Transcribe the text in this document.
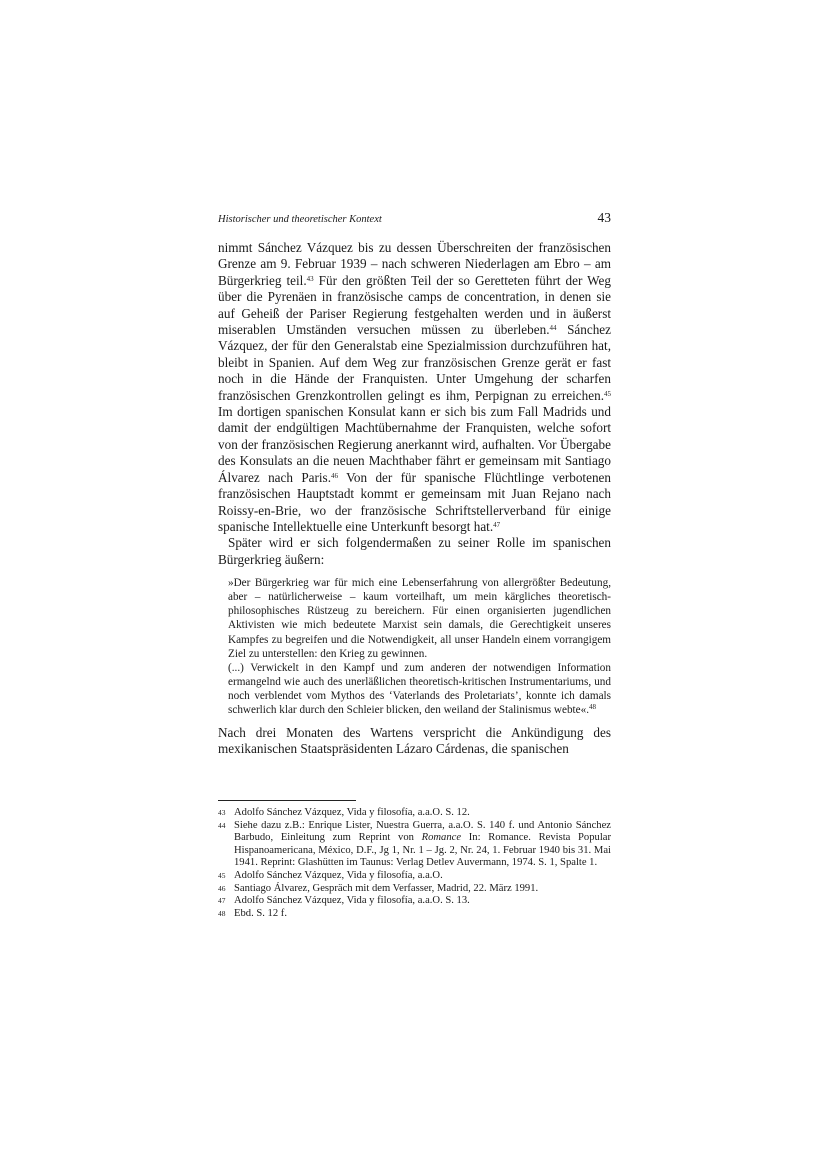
Historischer und theoretischer Kontext	43

nimmt Sánchez Vázquez bis zu dessen Überschreiten der französischen Grenze am 9. Februar 1939 – nach schweren Niederlagen am Ebro – am Bürgerkrieg teil.$^{43}$ Für den größten Teil der so Geretteten führt der Weg über die Pyrenäen in französische camps de concentration, in denen sie auf Geheiß der Pariser Regierung festgehalten werden und in äußerst miserablen Umständen versuchen müssen zu überleben.$^{44}$ Sánchez Vázquez, der für den Generalstab eine Spezialmission durchzuführen hat, bleibt in Spanien. Auf dem Weg zur französischen Grenze gerät er fast noch in die Hände der Franquisten. Unter Umgehung der scharfen französischen Grenzkontrollen gelingt es ihm, Perpignan zu erreichen.$^{45}$ Im dortigen spanischen Konsulat kann er sich bis zum Fall Madrids und damit der endgültigen Machtübernahme der Franquisten, welche sofort von der französischen Regierung anerkannt wird, aufhalten. Vor Übergabe des Konsulats an die neuen Machthaber fährt er gemeinsam mit Santiago Álvarez nach Paris.$^{46}$ Von der für spanische Flüchtlinge verbotenen französischen Hauptstadt kommt er gemeinsam mit Juan Rejano nach Roissy-en-Brie, wo der französische Schriftstellerverband für einige spanische Intellektuelle eine Unterkunft besorgt hat.$^{47}$

Später wird er sich folgendermaßen zu seiner Rolle im spanischen Bürgerkrieg äußern:

»Der Bürgerkrieg war für mich eine Lebenserfahrung von allergrößter Bedeutung, aber – natürlicherweise – kaum vorteilhaft, um mein kärgliches theoretisch-philosophisches Rüstzeug zu bereichern. Für einen organisierten jugendlichen Aktivisten wie mich bedeutete Marxist sein damals, die Gerechtigkeit unseres Kampfes zu begreifen und die Notwendigkeit, all unser Handeln einem vorrangigem Ziel zu unterstellen: den Krieg zu gewinnen.

(...) Verwickelt in den Kampf und zum anderen der notwendigen Information ermangelnd wie auch des unerläßlichen theoretisch-kritischen Instrumentariums, und noch verblendet vom Mythos des ‘Vaterlands des Proletariats’, konnte ich damals schwerlich klar durch den Schleier blicken, den weiland der Stalinismus webte«.$^{48}$

Nach drei Monaten des Wartens verspricht die Ankündigung des mexikanischen Staatspräsidenten Lázaro Cárdenas, die spanischen

43 Adolfo Sánchez Vázquez, Vida y filosofía, a.a.O. S. 12.
44 Siehe dazu z.B.: Enrique Lister, Nuestra Guerra, a.a.O. S. 140 f. und Antonio Sánchez Barbudo, Einleitung zum Reprint von Romance In: Romance. Revista Popular Hispanoamericana, México, D.F., Jg 1, Nr. 1 – Jg. 2, Nr. 24, 1. Februar 1940 bis 31. Mai 1941. Reprint: Glashütten im Taunus: Verlag Detlev Auvermann, 1974. S. 1, Spalte 1.
45 Adolfo Sánchez Vázquez, Vida y filosofía, a.a.O.
46 Santiago Álvarez, Gespräch mit dem Verfasser, Madrid, 22. März 1991.
47 Adolfo Sánchez Vázquez, Vida y filosofía, a.a.O. S. 13.
48 Ebd. S. 12 f.
